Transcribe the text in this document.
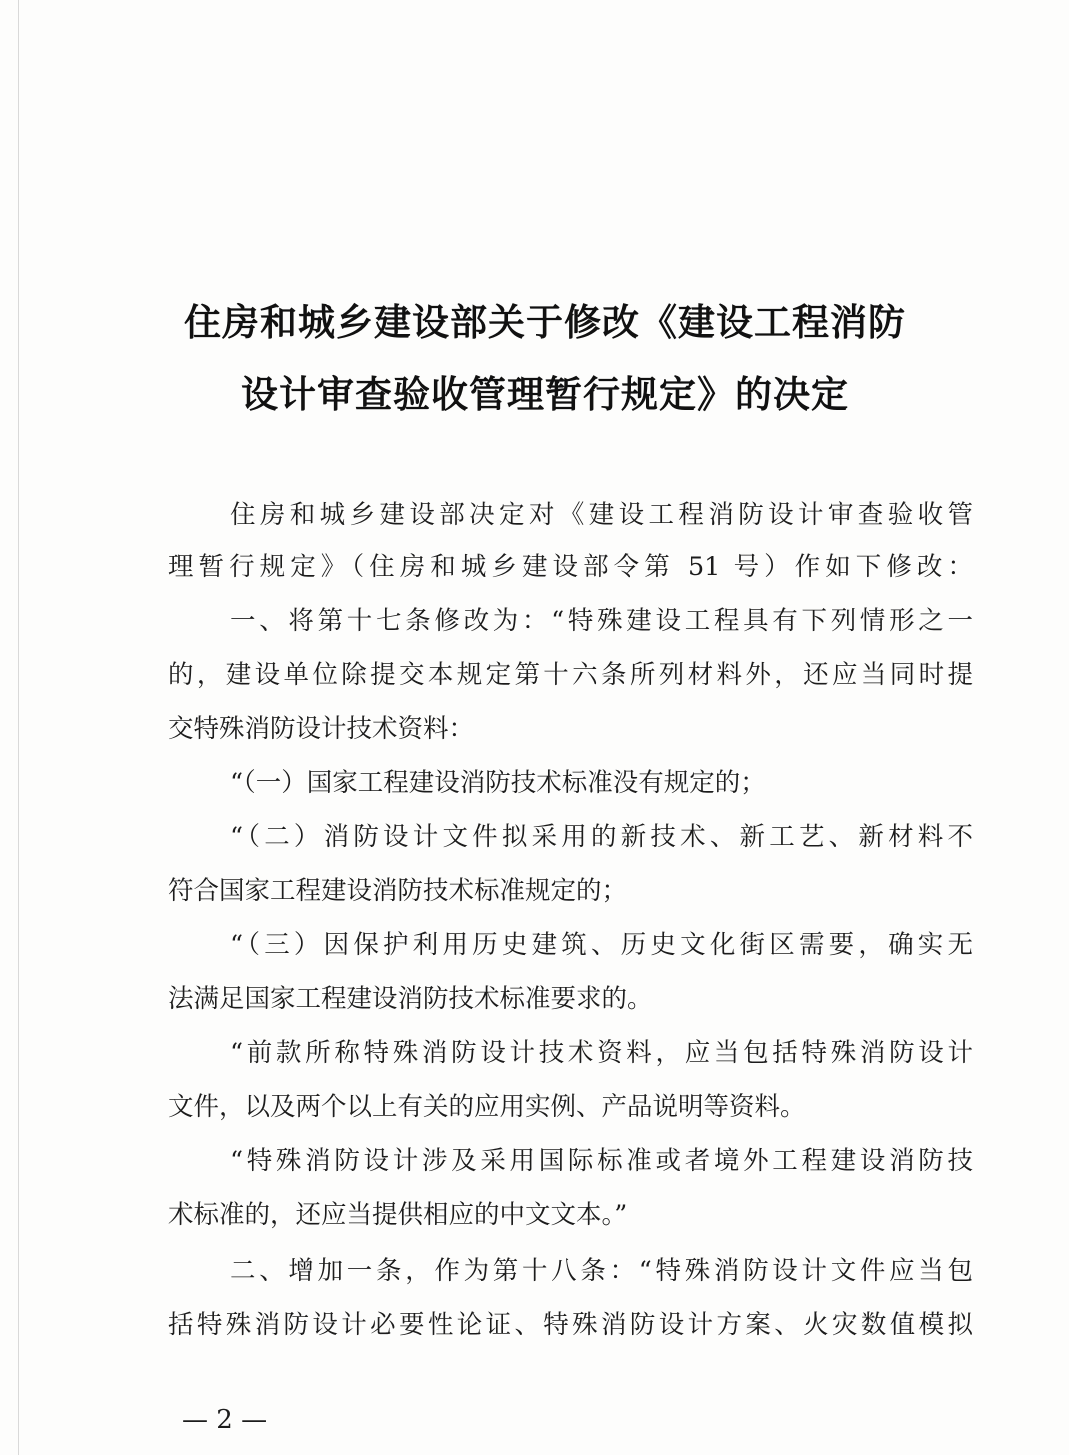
住房和城乡建设部关于修改《建设工程消防
设计审查验收管理暂行规定》的决定
住房和城乡建设部决定对《建设工程消防设计审查验收管
理暂行规定》（住房和城乡建设部令第 51 号）作如下修改：
一、将第十七条修改为：“特殊建设工程具有下列情形之一
的，建设单位除提交本规定第十六条所列材料外，还应当同时提
交特殊消防设计技术资料：
“（一）国家工程建设消防技术标准没有规定的；
“（二）消防设计文件拟采用的新技术、新工艺、新材料不
符合国家工程建设消防技术标准规定的；
“（三）因保护利用历史建筑、历史文化街区需要，确实无
法满足国家工程建设消防技术标准要求的。
“前款所称特殊消防设计技术资料，应当包括特殊消防设计
文件，以及两个以上有关的应用实例、产品说明等资料。
“特殊消防设计涉及采用国际标准或者境外工程建设消防技
术标准的，还应当提供相应的中文文本。”
二、增加一条，作为第十八条：“特殊消防设计文件应当包
括特殊消防设计必要性论证、特殊消防设计方案、火灾数值模拟
— 2 —
